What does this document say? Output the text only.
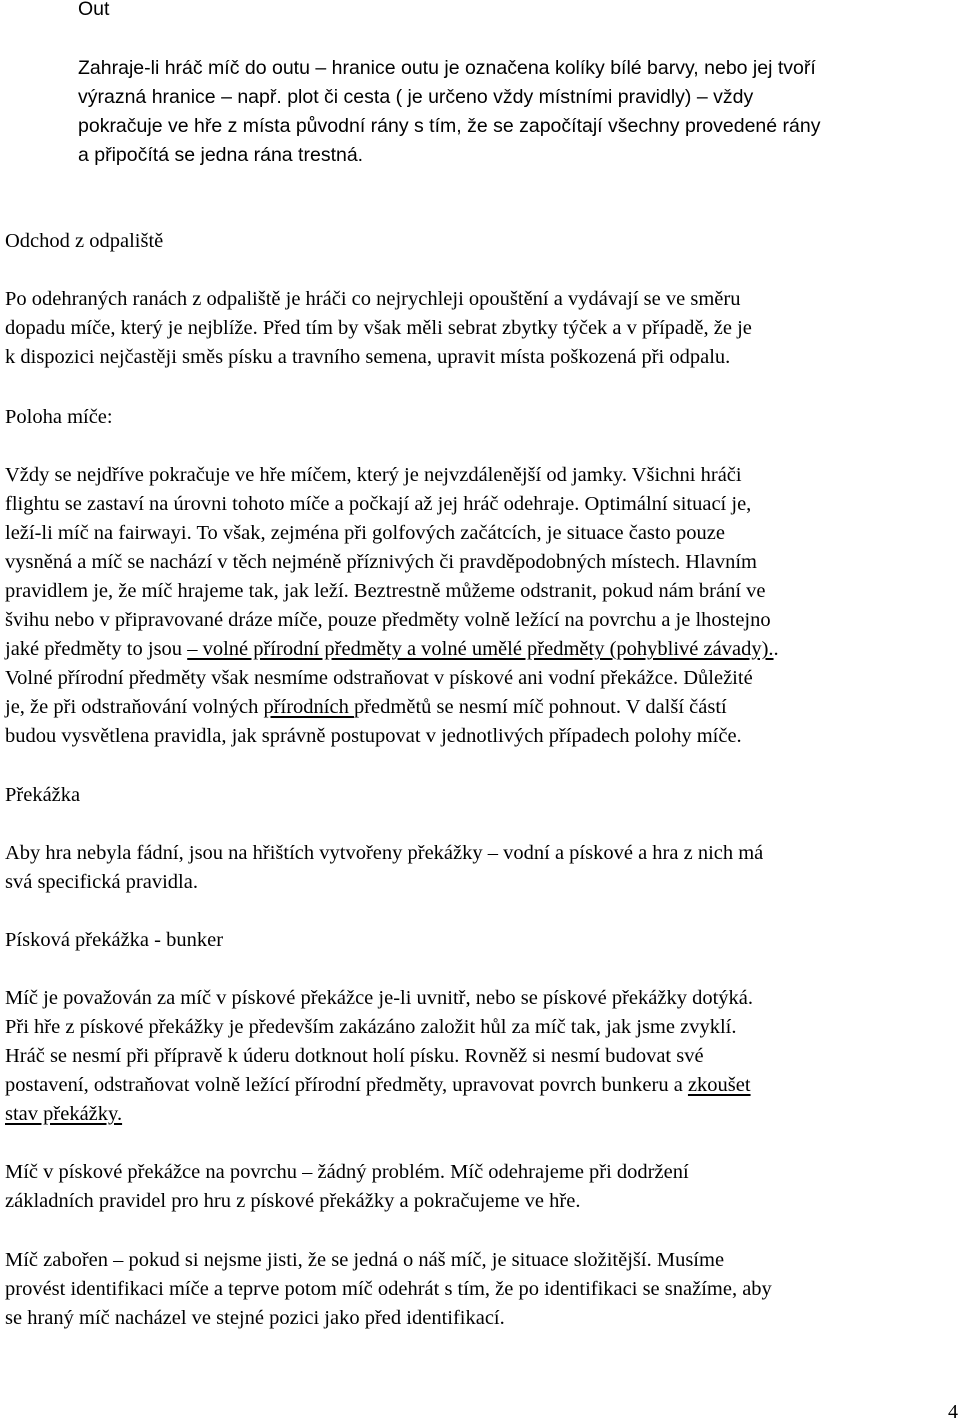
Out
Zahraje-li hráč míč do outu – hranice outu je označena kolíky bílé barvy, nebo jej tvoří
výrazná hranice – např. plot či cesta ( je určeno vždy místními pravidly) – vždy
pokračuje ve hře z místa původní rány s tím, že se započítají všechny provedené rány
a připočítá se jedna rána trestná.
Odchod z odpaliště
Po odehraných ranách z odpaliště je hráči co nejrychleji opouštění a vydávají se ve směru
dopadu míče, který je nejblíže. Před tím by však měli sebrat zbytky týček a v případě, že je
k dispozici nejčastěji směs písku a travního semena, upravit místa poškozená při odpalu.
Poloha míče:
Vždy se nejdříve pokračuje ve hře míčem, který je nejvzdálenější od jamky. Všichni hráči
flightu se zastaví na úrovni tohoto míče a počkají až jej hráč odehraje. Optimální situací je,
leží-li míč na fairwayi. To však, zejména při golfových začátcích, je situace často pouze
vysněná a míč se nachází v těch nejméně příznivých či pravděpodobných místech. Hlavním
pravidlem je, že míč hrajeme tak, jak leží. Beztrestně můžeme odstranit, pokud nám brání ve
švihu nebo v připravované dráze míče, pouze předměty volně ležící na povrchu a je lhostejno
jaké předměty to jsou – volné přírodní předměty a volné umělé předměty (pohyblivé závady)..
Volné přírodní předměty však nesmíme odstraňovat v pískové ani vodní překážce. Důležité
je, že při odstraňování volných přírodních předmětů se nesmí míč pohnout. V další částí
budou vysvětlena pravidla, jak správně postupovat v jednotlivých případech polohy míče.
Překážka
Aby hra nebyla fádní, jsou na hřištích vytvořeny překážky – vodní a pískové a hra z nich má
svá specifická pravidla.
Písková překážka - bunker
Míč je považován za míč v pískové překážce je-li uvnitř, nebo se pískové překážky dotýká.
Při hře z pískové překážky je především zakázáno založit hůl za míč tak, jak jsme zvyklí.
Hráč se nesmí při přípravě k úderu dotknout holí písku. Rovněž si nesmí budovat své
postavení, odstraňovat volně ležící přírodní předměty, upravovat povrch bunkeru a zkoušet
stav překážky.
Míč v pískové překážce na povrchu – žádný problém. Míč odehrajeme při dodržení
základních pravidel pro hru z pískové překážky a pokračujeme ve hře.
Míč zabořen – pokud si nejsme jisti, že se jedná o náš míč, je situace složitější. Musíme
provést identifikaci míče a teprve potom míč odehrát s tím, že po identifikaci se snažíme, aby
se hraný míč nacházel ve stejné pozici jako před identifikací.
4
